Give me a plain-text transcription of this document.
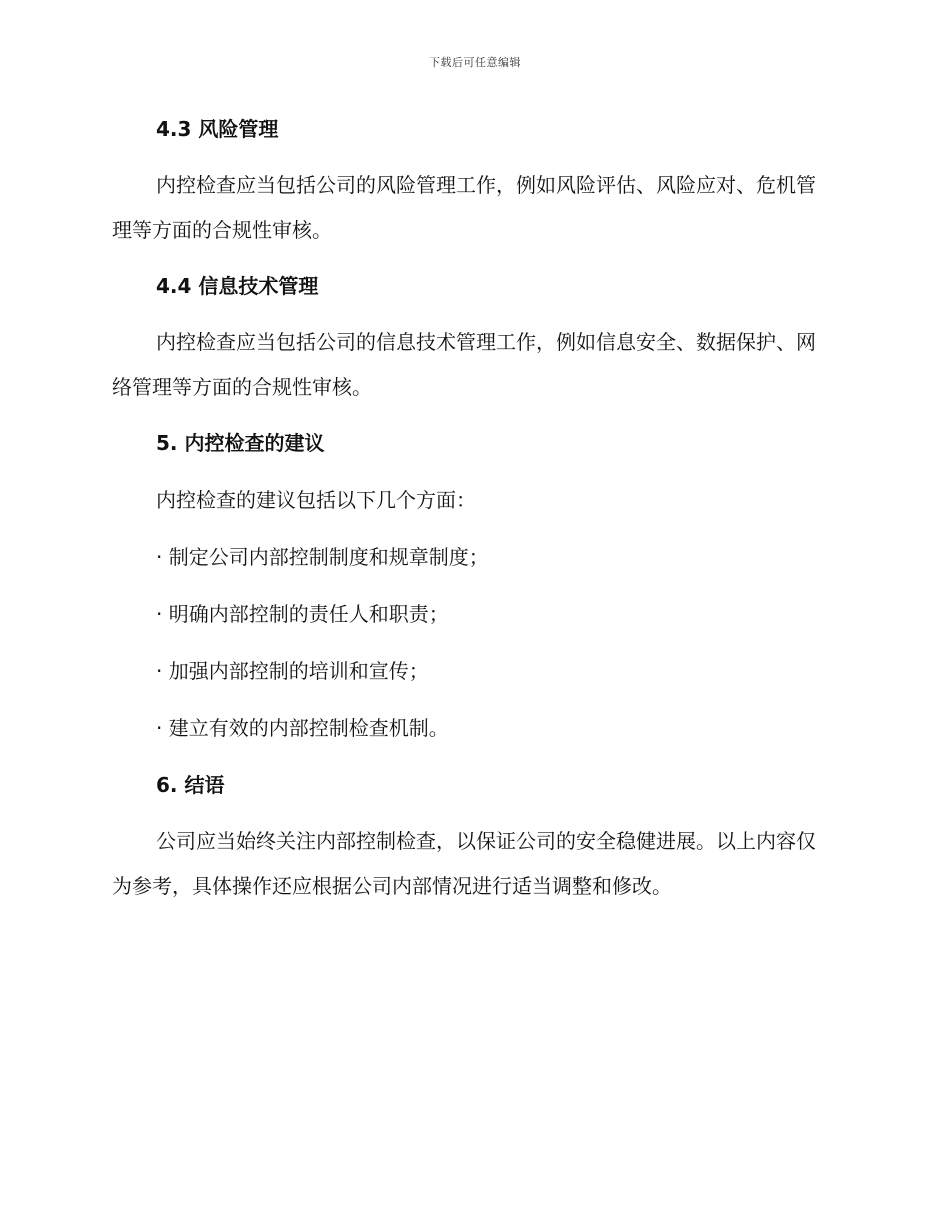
下载后可任意编辑
4.3 风险管理

内控检查应当包括公司的风险管理工作，例如风险评估、风险应对、危机管理等方面的合规性审核。

4.4 信息技术管理

内控检查应当包括公司的信息技术管理工作，例如信息安全、数据保护、网络管理等方面的合规性审核。

5. 内控检查的建议
内控检查的建议包括以下几个方面：
· 制定公司内部控制制度和规章制度；
· 明确内部控制的责任人和职责；
· 加强内部控制的培训和宣传；
· 建立有效的内部控制检查机制。
6. 结语

公司应当始终关注内部控制检查，以保证公司的安全稳健进展。以上内容仅为参考，具体操作还应根据公司内部情况进行适当调整和修改。
